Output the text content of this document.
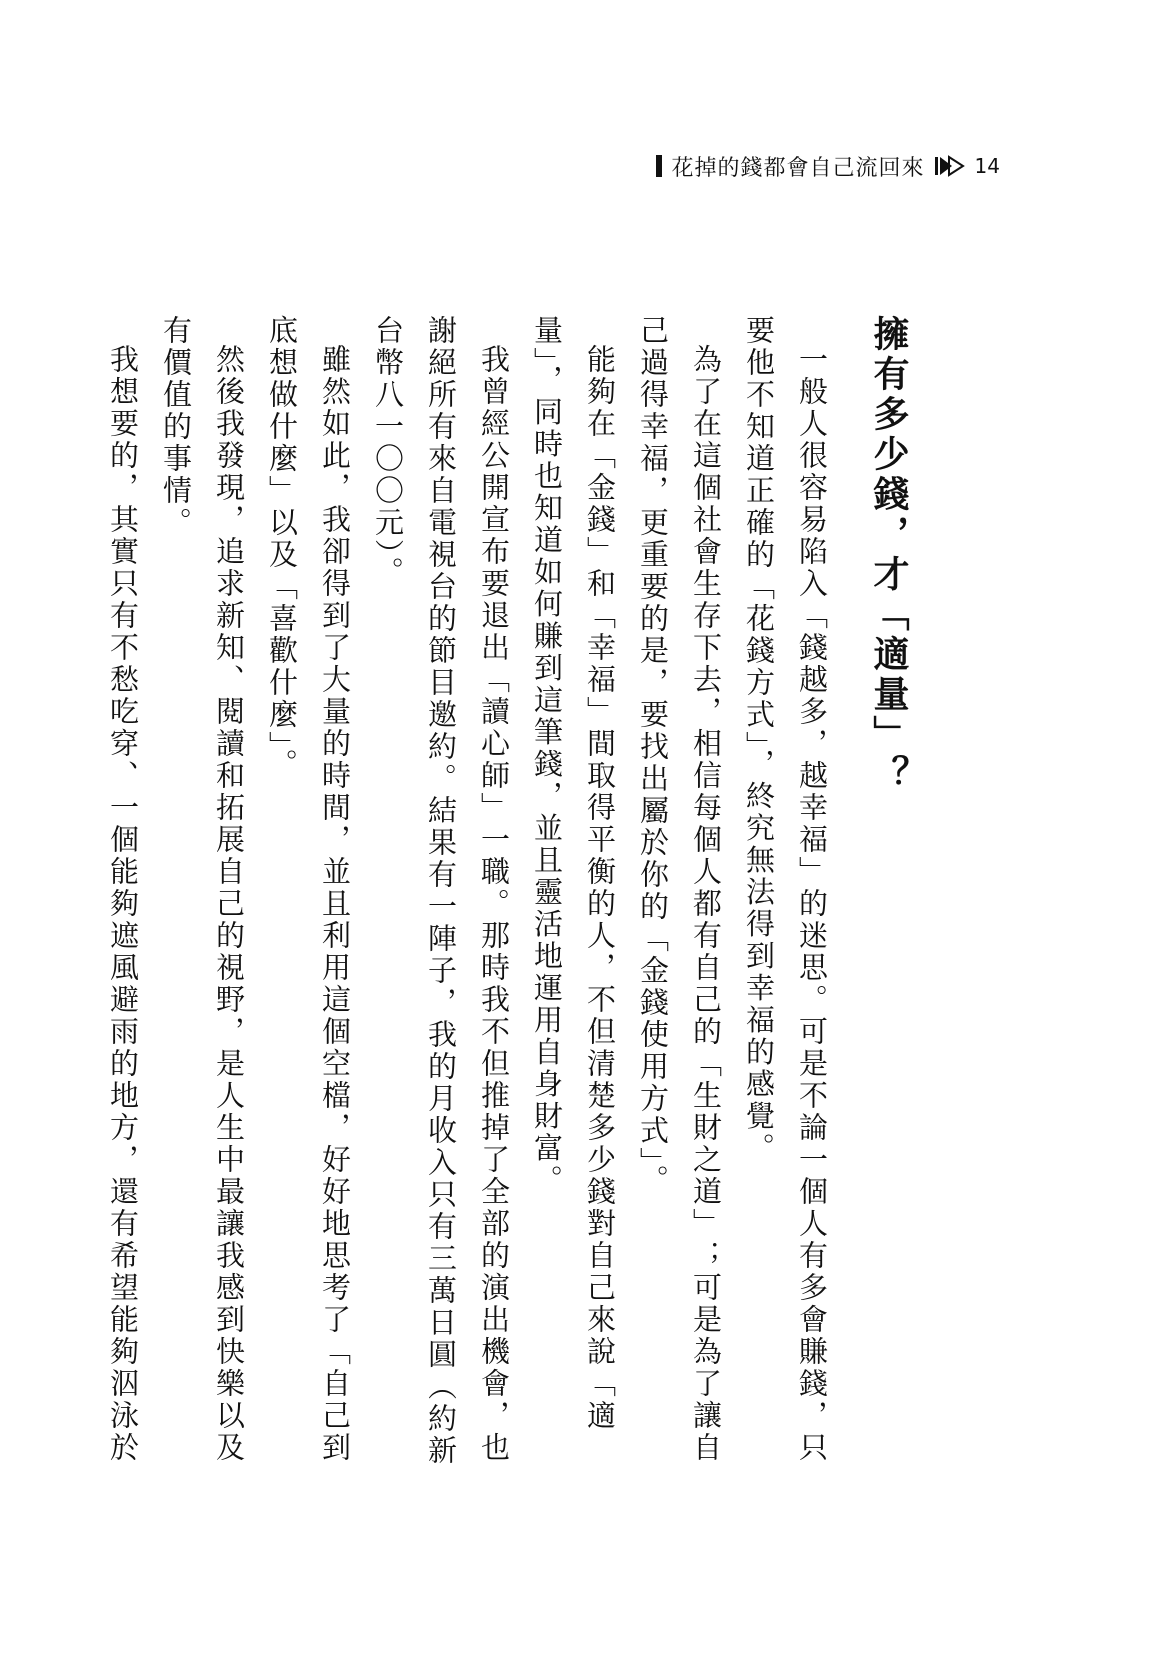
花掉的錢都會自己流回來	14
擁有多少錢，才「適量」？

一般人很容易陷入「錢越多，越幸福」的迷思。可是不論一個人有多會賺錢，只要他不知道正確的「花錢方式」，終究無法得到幸福的感覺。

為了在這個社會生存下去，相信每個人都有自己的「生財之道」；可是為了讓自己過得幸福，更重要的是，要找出屬於你的「金錢使用方式」。

能夠在「金錢」和「幸福」間取得平衡的人，不但清楚多少錢對自己來說「適量」，同時也知道如何賺到這筆錢，並且靈活地運用自身財富。

我曾經公開宣布要退出「讀心師」一職。那時我不但推掉了全部的演出機會，也謝絕所有來自電視台的節目邀約。結果有一陣子，我的月收入只有三萬日圓（約新台幣八一〇〇元）。

雖然如此，我卻得到了大量的時間，並且利用這個空檔，好好地思考了「自己到底想做什麼」以及「喜歡什麼」。

然後我發現，追求新知、閱讀和拓展自己的視野，是人生中最讓我感到快樂以及有價值的事情。

我想要的，其實只有不愁吃穿、一個能夠遮風避雨的地方，還有希望能夠泅泳於
